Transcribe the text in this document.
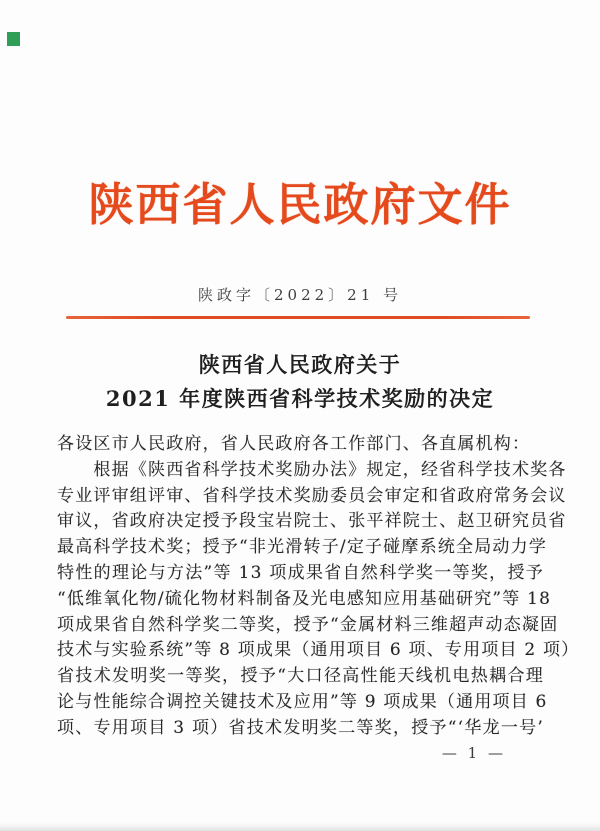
陕西省人民政府文件
陕政字〔2022〕21 号
陕西省人民政府关于
2021 年度陕西省科学技术奖励的决定
各设区市人民政府，省人民政府各工作部门、各直属机构：
　　根据《陕西省科学技术奖励办法》规定，经省科学技术奖各
专业评审组评审、省科学技术奖励委员会审定和省政府常务会议
审议，省政府决定授予段宝岩院士、张平祥院士、赵卫研究员省
最高科学技术奖；授予“非光滑转子/定子碰摩系统全局动力学
特性的理论与方法”等 13 项成果省自然科学奖一等奖，授予
“低维氧化物/硫化物材料制备及光电感知应用基础研究”等 18
项成果省自然科学奖二等奖，授予“金属材料三维超声动态凝固
技术与实验系统”等 8 项成果（通用项目 6 项、专用项目 2 项）
省技术发明奖一等奖，授予“大口径高性能天线机电热耦合理
论与性能综合调控关键技术及应用”等 9 项成果（通用项目 6
项、专用项目 3 项）省技术发明奖二等奖，授予“‘华龙一号’
— 1 —
